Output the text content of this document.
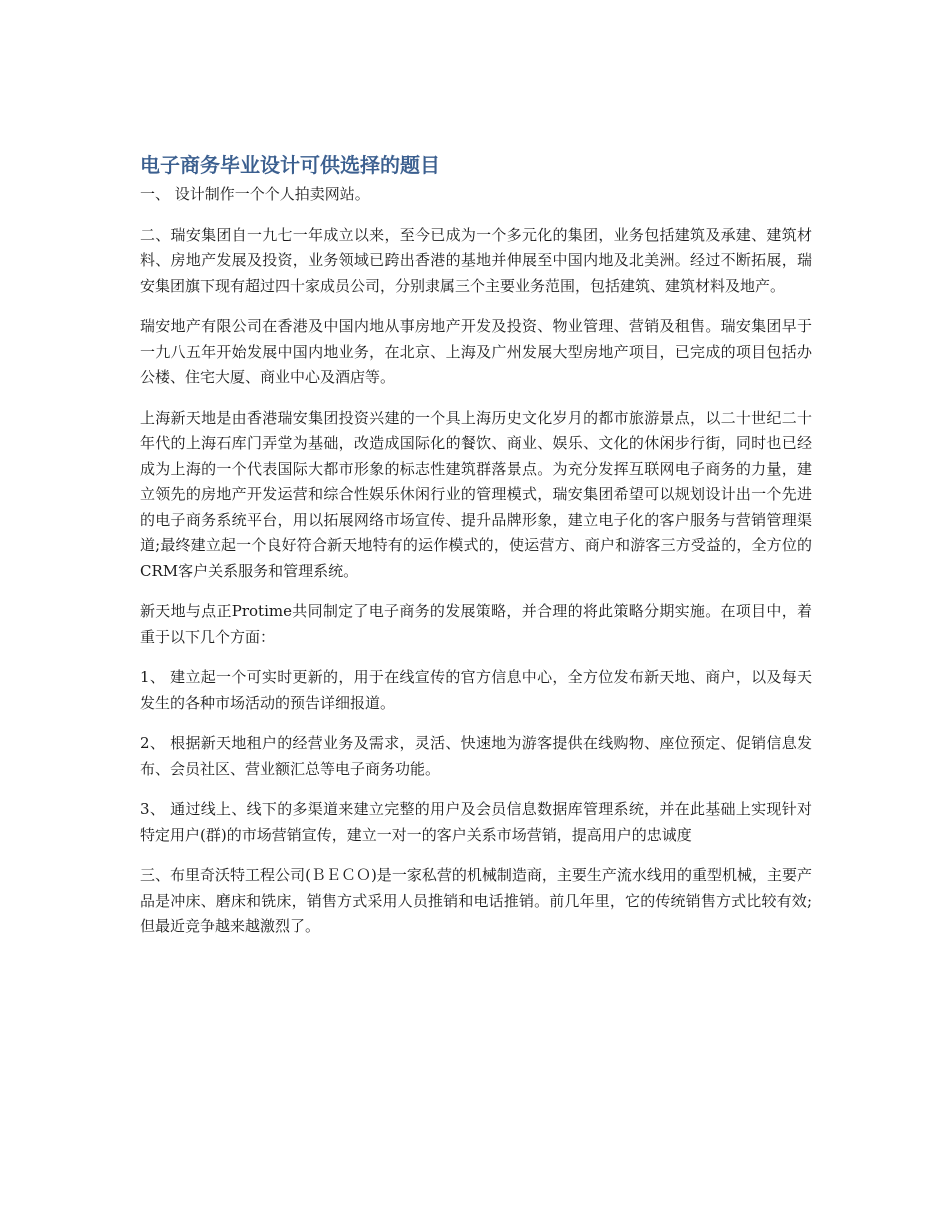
电子商务毕业设计可供选择的题目

一、 设计制作一个个人拍卖网站。

二、瑞安集团自一九七一年成立以来，至今已成为一个多元化的集团，业务包括建筑及承建、建筑材料、房地产发展及投资，业务领域已跨出香港的基地并伸展至中国内地及北美洲。经过不断拓展，瑞安集团旗下现有超过四十家成员公司，分别隶属三个主要业务范围，包括建筑、建筑材料及地产。

瑞安地产有限公司在香港及中国内地从事房地产开发及投资、物业管理、营销及租售。瑞安集团早于一九八五年开始发展中国内地业务，在北京、上海及广州发展大型房地产项目，已完成的项目包括办公楼、住宅大厦、商业中心及酒店等。

上海新天地是由香港瑞安集团投资兴建的一个具上海历史文化岁月的都市旅游景点，以二十世纪二十年代的上海石库门弄堂为基础，改造成国际化的餐饮、商业、娱乐、文化的休闲步行街，同时也已经成为上海的一个代表国际大都市形象的标志性建筑群落景点。为充分发挥互联网电子商务的力量，建立领先的房地产开发运营和综合性娱乐休闲行业的管理模式，瑞安集团希望可以规划设计出一个先进的电子商务系统平台，用以拓展网络市场宣传、提升品牌形象，建立电子化的客户服务与营销管理渠道;最终建立起一个良好符合新天地特有的运作模式的，使运营方、商户和游客三方受益的，全方位的CRM客户关系服务和管理系统。

新天地与点正Protime共同制定了电子商务的发展策略，并合理的将此策略分期实施。在项目中，着重于以下几个方面：

1、 建立起一个可实时更新的，用于在线宣传的官方信息中心，全方位发布新天地、商户，以及每天发生的各种市场活动的预告详细报道。

2、 根据新天地租户的经营业务及需求，灵活、快速地为游客提供在线购物、座位预定、促销信息发布、会员社区、营业额汇总等电子商务功能。

3、 通过线上、线下的多渠道来建立完整的用户及会员信息数据库管理系统，并在此基础上实现针对特定用户(群)的市场营销宣传，建立一对一的客户关系市场营销，提高用户的忠诚度

三、布里奇沃特工程公司(ＢＥＣＯ)是一家私营的机械制造商，主要生产流水线用的重型机械，主要产品是冲床、磨床和铣床，销售方式采用人员推销和电话推销。前几年里，它的传统销售方式比较有效;但最近竞争越来越激烈了。
